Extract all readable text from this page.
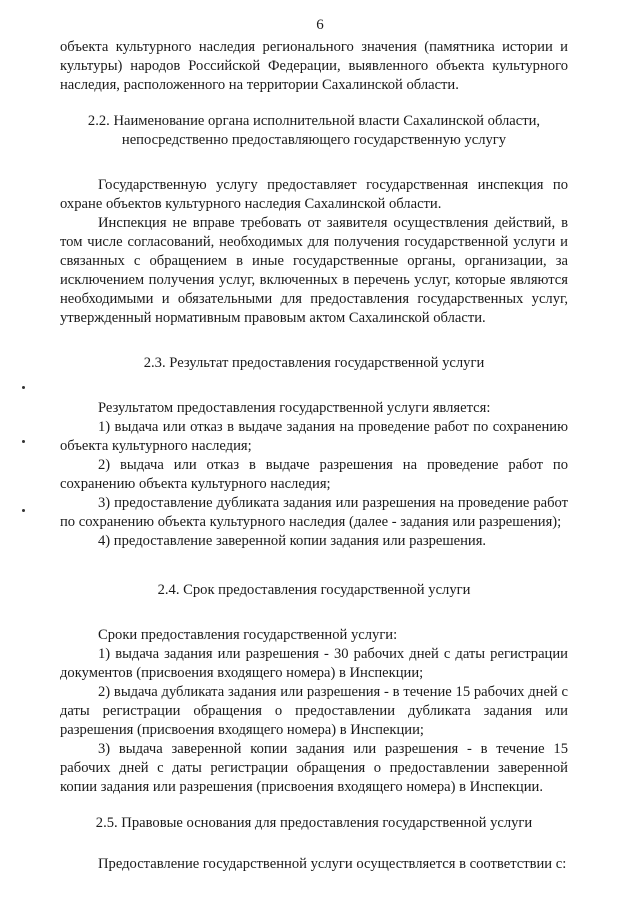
6

объекта культурного наследия регионального значения (памятника истории и культуры) народов Российской Федерации, выявленного объекта культурного наследия, расположенного на территории Сахалинской области.

2.2. Наименование органа исполнительной власти Сахалинской области,
непосредственно предоставляющего государственную услугу

Государственную услугу предоставляет государственная инспекция по охране объектов культурного наследия Сахалинской области.

Инспекция не вправе требовать от заявителя осуществления действий, в том числе согласований, необходимых для получения государственной услуги и связанных с обращением в иные государственные органы, организации, за исключением получения услуг, включенных в перечень услуг, которые являются необходимыми и обязательными для предоставления государственных услуг, утвержденный нормативным правовым актом Сахалинской области.

2.3. Результат предоставления государственной услуги

Результатом предоставления государственной услуги является:

1) выдача или отказ в выдаче задания на проведение работ по сохранению объекта культурного наследия;

2) выдача или отказ в выдаче разрешения на проведение работ по сохранению объекта культурного наследия;

3) предоставление дубликата задания или разрешения на проведение работ по сохранению объекта культурного наследия (далее - задания или разрешения);

4) предоставление заверенной копии задания или разрешения.

2.4. Срок предоставления государственной услуги

Сроки предоставления государственной услуги:

1) выдача задания или разрешения - 30 рабочих дней с даты регистрации документов (присвоения входящего номера) в Инспекции;

2) выдача дубликата задания или разрешения - в течение 15 рабочих дней с даты регистрации обращения о предоставлении дубликата задания или разрешения (присвоения входящего номера) в Инспекции;

3) выдача заверенной копии задания или разрешения - в течение 15 рабочих дней с даты регистрации обращения о предоставлении заверенной копии задания или разрешения (присвоения входящего номера) в Инспекции.

2.5. Правовые основания для предоставления государственной услуги

Предоставление государственной услуги осуществляется в соответствии с:
